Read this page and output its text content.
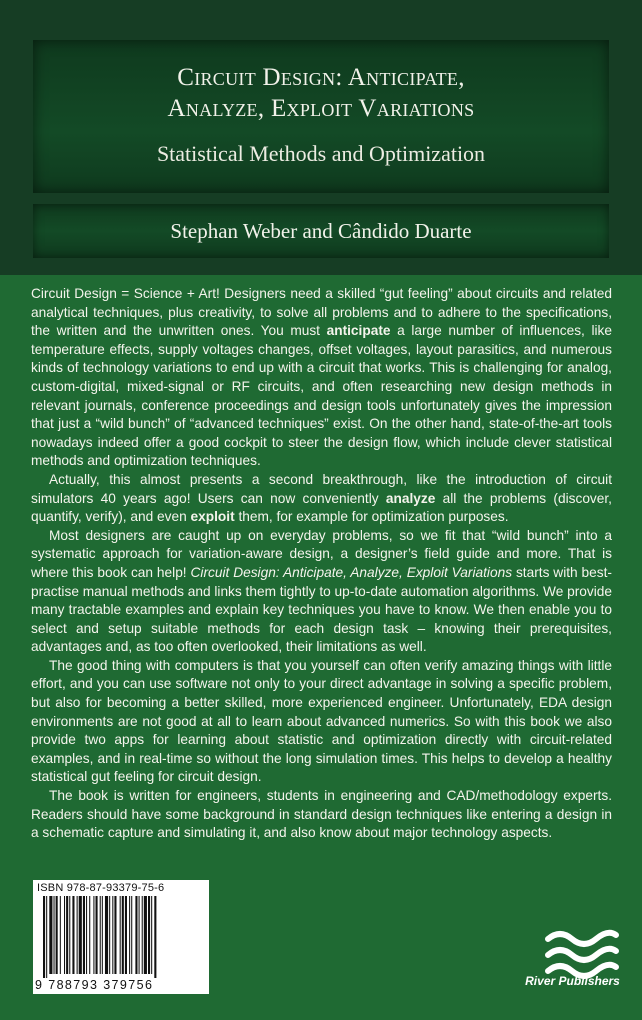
Circuit Design: Anticipate,
Analyze, Exploit Variations
Statistical Methods and Optimization
Stephan Weber and Cândido Duarte

Circuit Design = Science + Art! Designers need a skilled “gut feeling” about circuits and related analytical techniques, plus creativity, to solve all problems and to adhere to the specifications, the written and the unwritten ones. You must anticipate a large number of influences, like temperature effects, supply voltages changes, offset voltages, layout parasitics, and numerous kinds of technology variations to end up with a circuit that works. This is challenging for analog, custom-digital, mixed-signal or RF circuits, and often researching new design methods in relevant journals, conference proceedings and design tools unfortunately gives the impression that just a “wild bunch” of “advanced techniques” exist. On the other hand, state-of-the-art tools nowadays indeed offer a good cockpit to steer the design flow, which include clever statistical methods and optimization techniques.

Actually, this almost presents a second breakthrough, like the introduction of circuit simulators 40 years ago! Users can now conveniently analyze all the problems (discover, quantify, verify), and even exploit them, for example for optimization purposes.

Most designers are caught up on everyday problems, so we fit that “wild bunch” into a systematic approach for variation-aware design, a designer’s field guide and more. That is where this book can help! Circuit Design: Anticipate, Analyze, Exploit Variations starts with best-practise manual methods and links them tightly to up-to-date automation algorithms. We provide many tractable examples and explain key techniques you have to know. We then enable you to select and setup suitable methods for each design task – knowing their prerequisites, advantages and, as too often overlooked, their limitations as well.

The good thing with computers is that you yourself can often verify amazing things with little effort, and you can use software not only to your direct advantage in solving a specific problem, but also for becoming a better skilled, more experienced engineer. Unfortunately, EDA design environments are not good at all to learn about advanced numerics. So with this book we also provide two apps for learning about statistic and optimization directly with circuit-related examples, and in real-time so without the long simulation times. This helps to develop a healthy statistical gut feeling for circuit design.

The book is written for engineers, students in engineering and CAD/methodology experts. Readers should have some background in standard design techniques like entering a design in a schematic capture and simulating it, and also know about major technology aspects.

ISBN 978-87-93379-75-6
9 788793 379756	River Publishers
